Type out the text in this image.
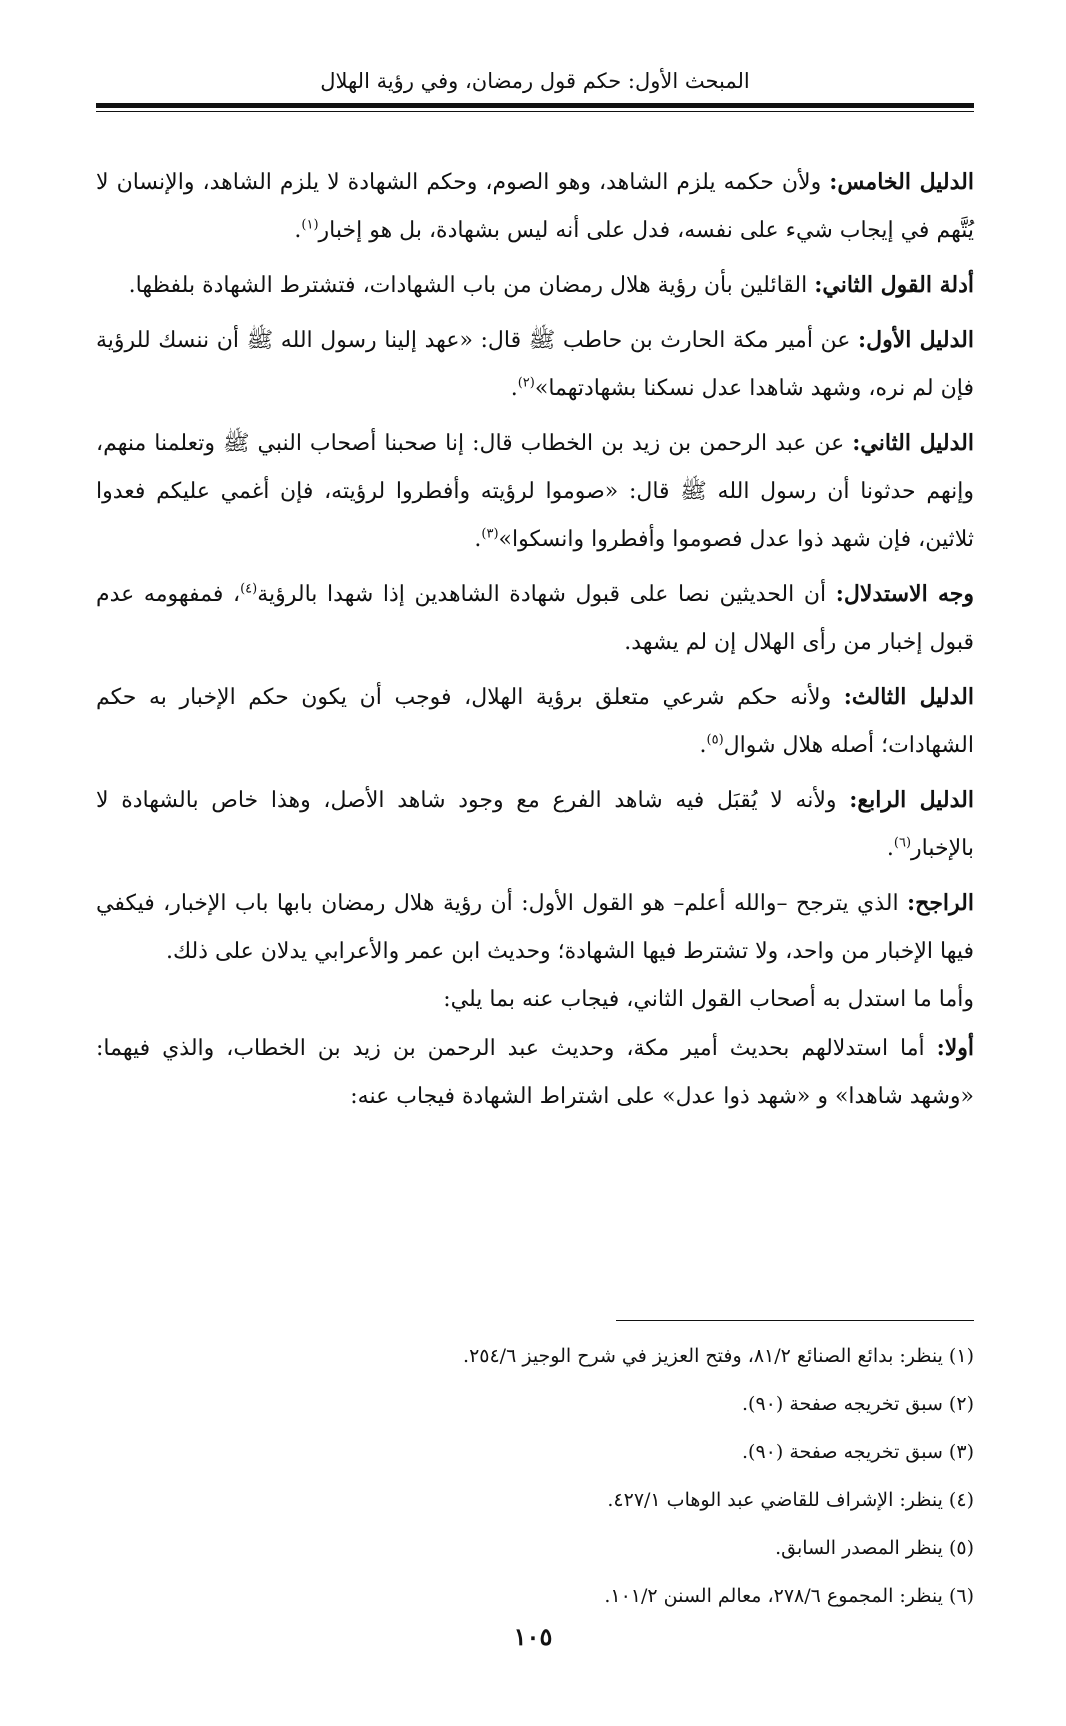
المبحث الأول: حكم قول رمضان، وفي رؤية الهلال

الدليل الخامس: ولأن حكمه يلزم الشاهد، وهو الصوم، وحكم الشهادة لا يلزم الشاهد، والإنسان لا يُتَّهم في إيجاب شيء على نفسه، فدل على أنه ليس بشهادة، بل هو إخبار$^{(١)}$.

أدلة القول الثاني: القائلين بأن رؤية هلال رمضان من باب الشهادات، فتشترط الشهادة بلفظها.

الدليل الأول: عن أمير مكة الحارث بن حاطب ﷺ قال: «عهد إلينا رسول الله ﷺ أن ننسك للرؤية فإن لم نره، وشهد شاهدا عدل نسكنا بشهادتهما»$^{(٢)}$.

الدليل الثاني: عن عبد الرحمن بن زيد بن الخطاب قال: إنا صحبنا أصحاب النبي ﷺ وتعلمنا منهم، وإنهم حدثونا أن رسول الله ﷺ قال: «صوموا لرؤيته وأفطروا لرؤيته، فإن أغمي عليكم فعدوا ثلاثين، فإن شهد ذوا عدل فصوموا وأفطروا وانسكوا»$^{(٣)}$.

وجه الاستدلال: أن الحديثين نصا على قبول شهادة الشاهدين إذا شهدا بالرؤية$^{(٤)}$، فمفهومه عدم قبول إخبار من رأى الهلال إن لم يشهد.

الدليل الثالث: ولأنه حكم شرعي متعلق برؤية الهلال، فوجب أن يكون حكم الإخبار به حكم الشهادات؛ أصله هلال شوال$^{(٥)}$.

الدليل الرابع: ولأنه لا يُقبَل فيه شاهد الفرع مع وجود شاهد الأصل، وهذا خاص بالشهادة لا بالإخبار$^{(٦)}$.

الراجح: الذي يترجح –والله أعلم– هو القول الأول: أن رؤية هلال رمضان بابها باب الإخبار، فيكفي فيها الإخبار من واحد، ولا تشترط فيها الشهادة؛ وحديث ابن عمر والأعرابي يدلان على ذلك.

وأما ما استدل به أصحاب القول الثاني، فيجاب عنه بما يلي:

أولا: أما استدلالهم بحديث أمير مكة، وحديث عبد الرحمن بن زيد بن الخطاب، والذي فيهما: «وشهد شاهدا» و «شهد ذوا عدل» على اشتراط الشهادة فيجاب عنه:

(١) ينظر: بدائع الصنائع ٨١/٢، وفتح العزيز في شرح الوجيز ٢٥٤/٦.

(٢) سبق تخريجه صفحة (٩٠).

(٣) سبق تخريجه صفحة (٩٠).

(٤) ينظر: الإشراف للقاضي عبد الوهاب ٤٢٧/١.

(٥) ينظر المصدر السابق.

(٦) ينظر: المجموع ٢٧٨/٦، معالم السنن ١٠١/٢.

١٠٥
